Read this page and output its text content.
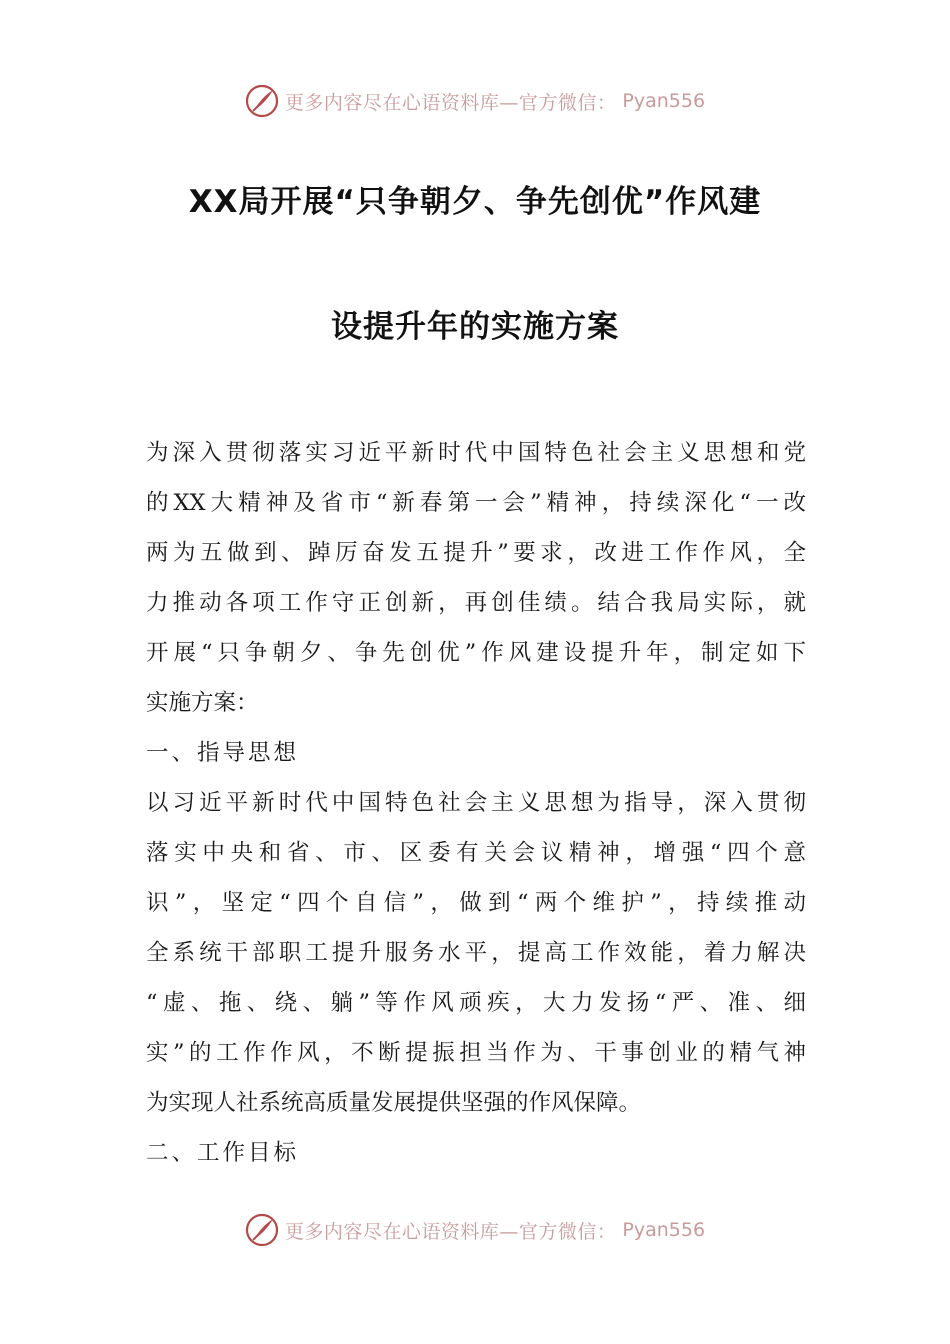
更多内容尽在心语资料库—官方微信： Pyan556
XX局开展“只争朝夕、争先创优”作风建
设提升年的实施方案
为深入贯彻落实习近平新时代中国特色社会主义思想和党
的XX大精神及省市“新春第一会”精神，持续深化“一改
两为五做到、踔厉奋发五提升”要求，改进工作作风，全
力推动各项工作守正创新，再创佳绩。结合我局实际，就
开展“只争朝夕、争先创优”作风建设提升年，制定如下
实施方案：
一、指导思想
以习近平新时代中国特色社会主义思想为指导，深入贯彻
落实中央和省、市、区委有关会议精神，增强“四个意
识”，坚定“四个自信”，做到“两个维护”，持续推动
全系统干部职工提升服务水平，提高工作效能，着力解决
“虚、拖、绕、躺”等作风顽疾，大力发扬“严、准、细
实”的工作作风，不断提振担当作为、干事创业的精气神
为实现人社系统高质量发展提供坚强的作风保障。
二、工作目标
更多内容尽在心语资料库—官方微信： Pyan556
